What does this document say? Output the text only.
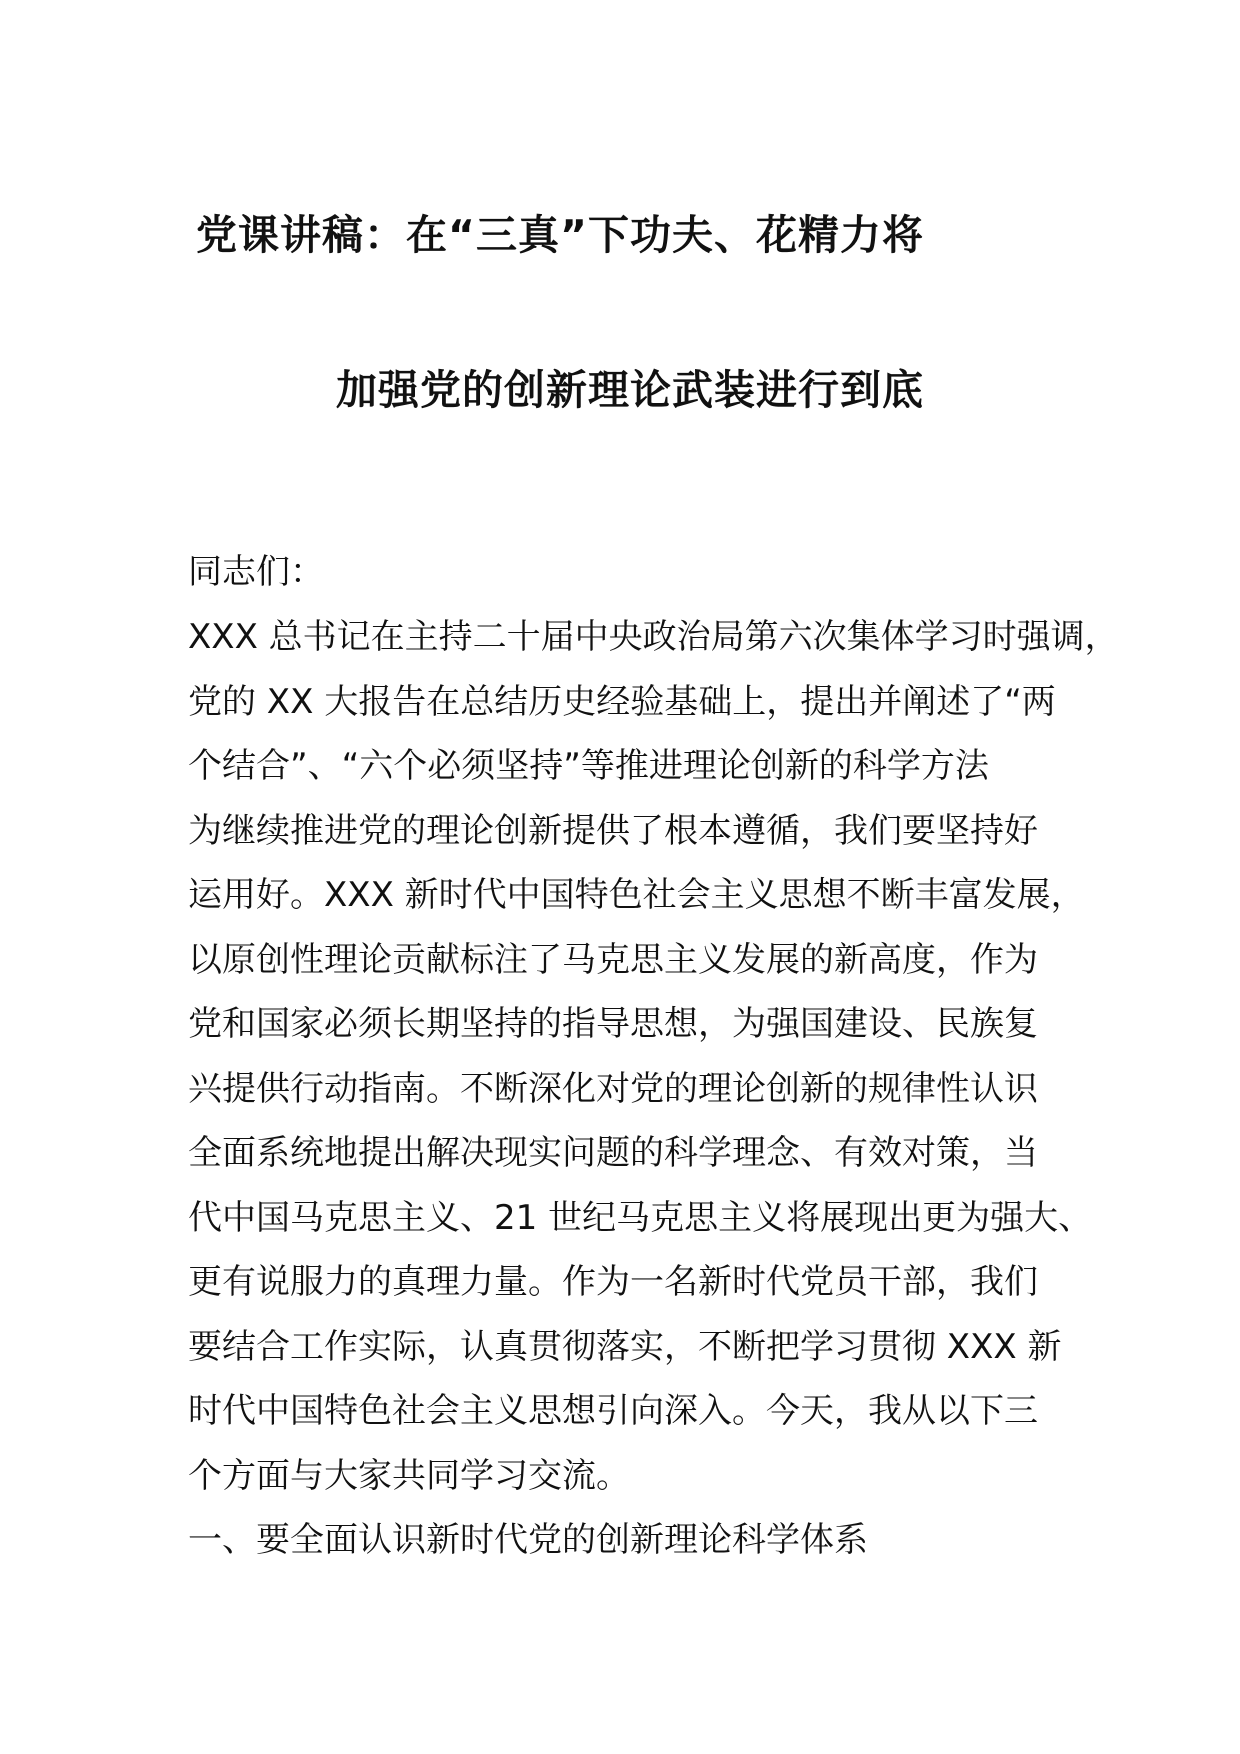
党课讲稿：在“三真”下功夫、花精力将
加强党的创新理论武装进行到底
同志们：
XXX 总书记在主持二十届中央政治局第六次集体学习时强调，
党的 XX 大报告在总结历史经验基础上，提出并阐述了“两
个结合”、“六个必须坚持”等推进理论创新的科学方法
为继续推进党的理论创新提供了根本遵循，我们要坚持好
运用好。XXX 新时代中国特色社会主义思想不断丰富发展，
以原创性理论贡献标注了马克思主义发展的新高度，作为
党和国家必须长期坚持的指导思想，为强国建设、民族复
兴提供行动指南。不断深化对党的理论创新的规律性认识
全面系统地提出解决现实问题的科学理念、有效对策，当
代中国马克思主义、21 世纪马克思主义将展现出更为强大、
更有说服力的真理力量。作为一名新时代党员干部，我们
要结合工作实际，认真贯彻落实，不断把学习贯彻 XXX 新
时代中国特色社会主义思想引向深入。今天，我从以下三
个方面与大家共同学习交流。
一、要全面认识新时代党的创新理论科学体系
